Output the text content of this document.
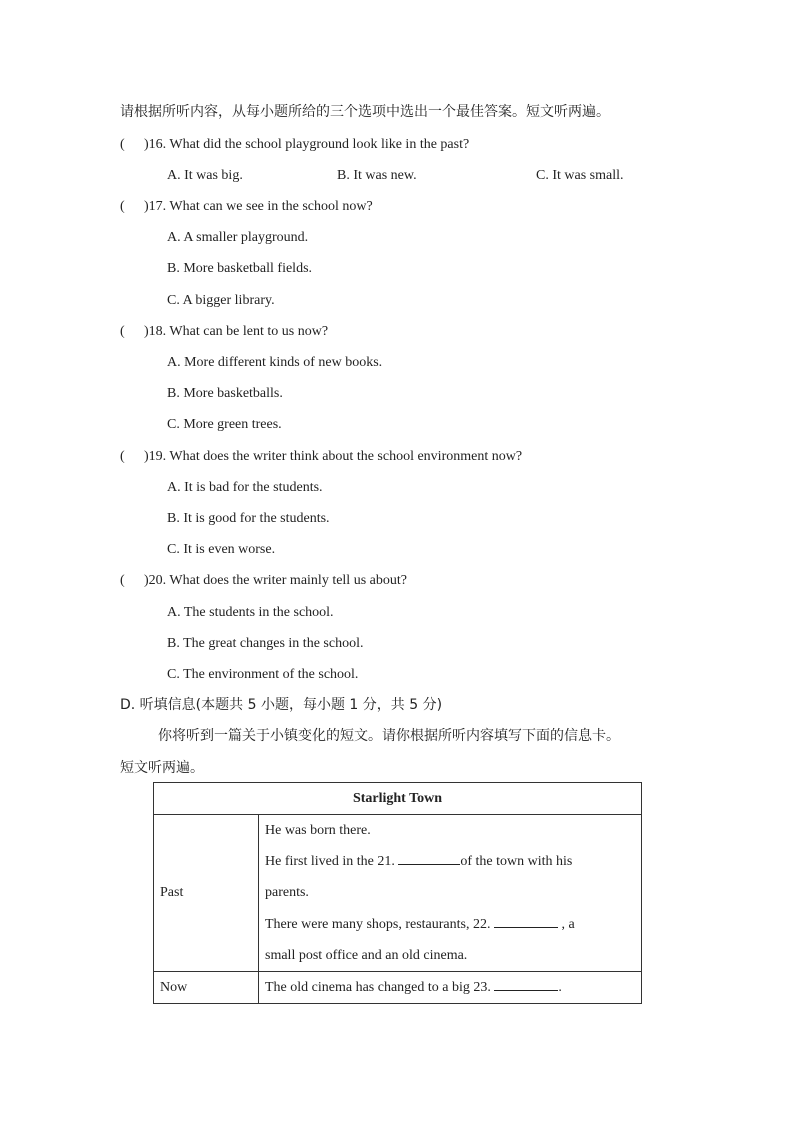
请根据所听内容，从每小题所给的三个选项中选出一个最佳答案。短文听两遍。
( )16. What did the school playground look like in the past?
A. It was big.	B. It was new.	C. It was small.
( )17. What can we see in the school now?
A. A smaller playground.
B. More basketball fields.
C. A bigger library.
( )18. What can be lent to us now?
A. More different kinds of new books.
B. More basketballs.
C. More green trees.
( )19. What does the writer think about the school environment now?
A. It is bad for the students.
B. It is good for the students.
C. It is even worse.
( )20. What does the writer mainly tell us about?
A. The students in the school.
B. The great changes in the school.
C. The environment of the school.
D. 听填信息(本题共 5 小题，每小题 1 分，共 5 分)
你将听到一篇关于小镇变化的短文。请你根据所听内容填写下面的信息卡。
短文听两遍。
Starlight Town	
Past	He was born there.
He first lived in the 21. of the town with his
parents.
There were many shops, restaurants, 22. , a
small post office and an old cinema.

Now	The old cinema has changed to a big 23. .
